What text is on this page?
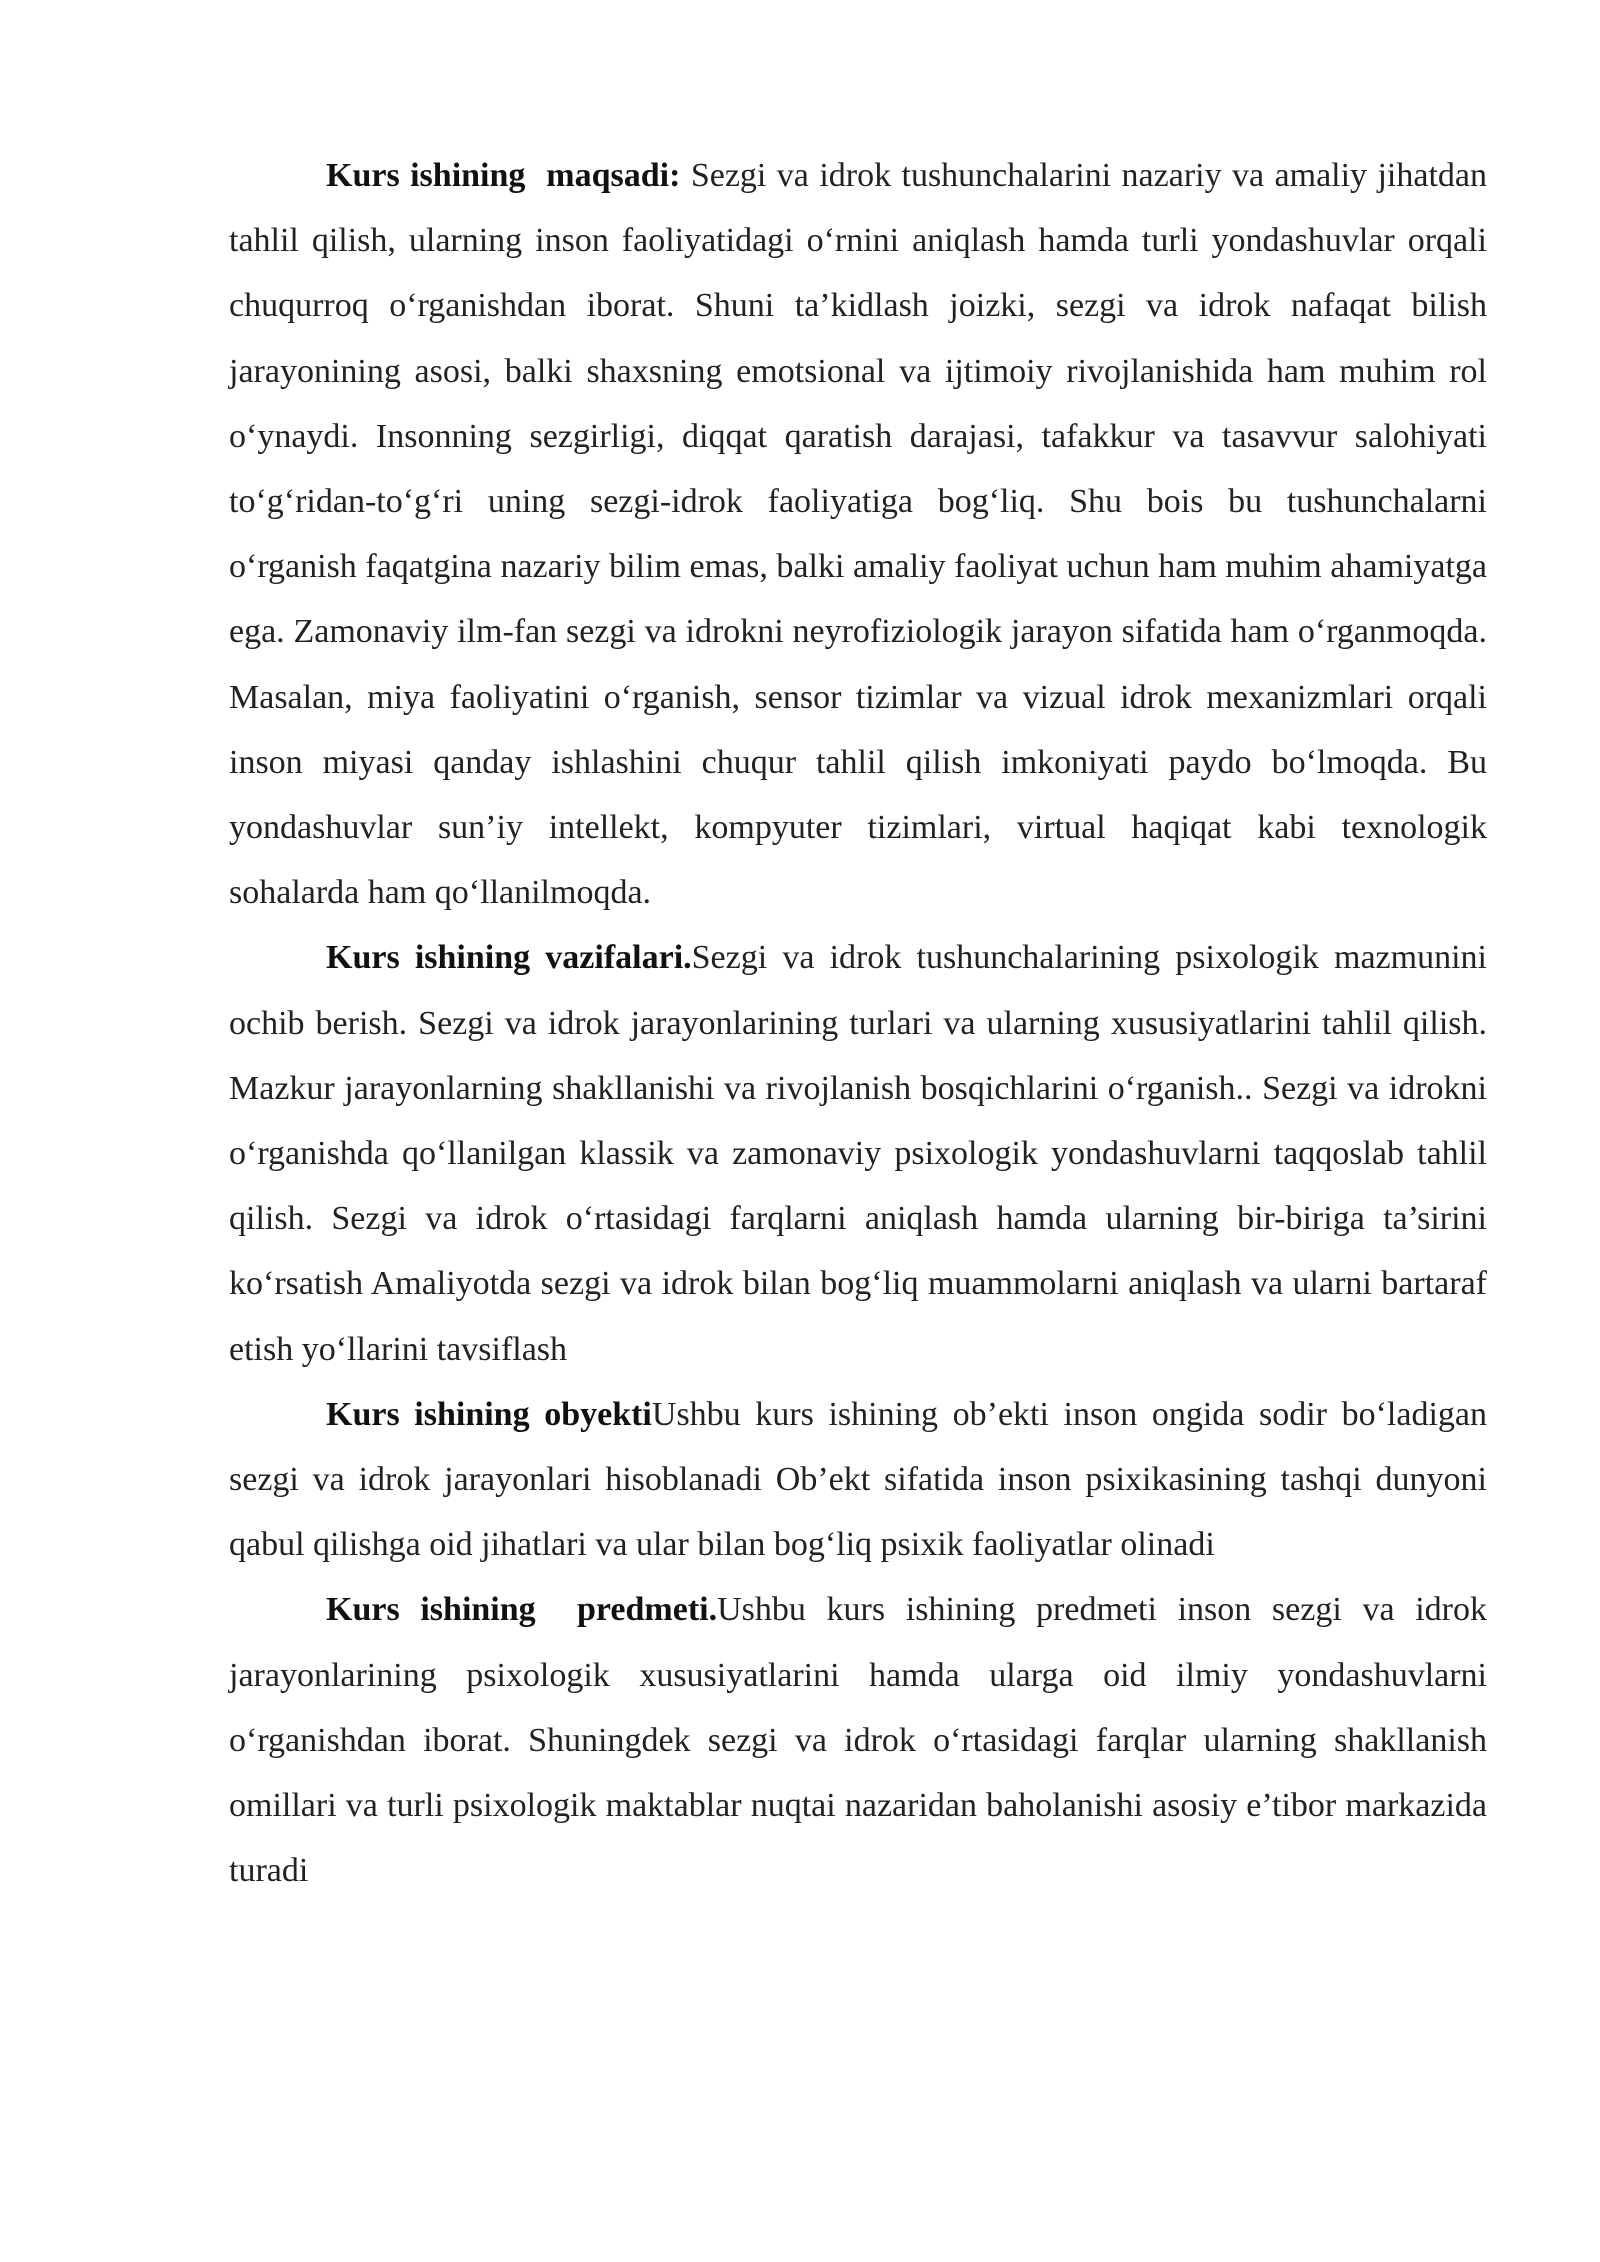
Kurs ishining  maqsadi: Sezgi va idrok tushunchalarini nazariy va amaliy jihatdan tahlil qilish, ularning inson faoliyatidagi o‘rnini aniqlash hamda turli yondashuvlar orqali chuqurroq o‘rganishdan iborat. Shuni ta’kidlash joizki, sezgi va idrok nafaqat bilish jarayonining asosi, balki shaxsning emotsional va ijtimoiy rivojlanishida ham muhim rol o‘ynaydi. Insonning sezgirligi, diqqat qaratish darajasi, tafakkur va tasavvur salohiyati to‘g‘ridan-to‘g‘ri uning sezgi-idrok faoliyatiga bog‘liq. Shu bois bu tushunchalarni o‘rganish faqatgina nazariy bilim emas, balki amaliy faoliyat uchun ham muhim ahamiyatga ega. Zamonaviy ilm-fan sezgi va idrokni neyrofiziologik jarayon sifatida ham o‘rganmoqda. Masalan, miya faoliyatini o‘rganish, sensor tizimlar va vizual idrok mexanizmlari orqali inson miyasi qanday ishlashini chuqur tahlil qilish imkoniyati paydo bo‘lmoqda. Bu yondashuvlar sun’iy intellekt, kompyuter tizimlari, virtual haqiqat kabi texnologik sohalarda ham qo‘llanilmoqda.

Kurs ishining vazifalari.Sezgi va idrok tushunchalarining psixologik mazmunini ochib berish. Sezgi va idrok jarayonlarining turlari va ularning xususiyatlarini tahlil qilish. Mazkur jarayonlarning shakllanishi va rivojlanish bosqichlarini o‘rganish.. Sezgi va idrokni o‘rganishda qo‘llanilgan klassik va zamonaviy psixologik yondashuvlarni taqqoslab tahlil qilish. Sezgi va idrok o‘rtasidagi farqlarni aniqlash hamda ularning bir-biriga ta’sirini ko‘rsatish Amaliyotda sezgi va idrok bilan bog‘liq muammolarni aniqlash va ularni bartaraf etish yo‘llarini tavsiflash

Kurs ishining obyektiUshbu kurs ishining ob’ekti inson ongida sodir bo‘ladigan sezgi va idrok jarayonlari hisoblanadi Ob’ekt sifatida inson psixikasining tashqi dunyoni qabul qilishga oid jihatlari va ular bilan bog‘liq psixik faoliyatlar olinadi

Kurs ishining  predmeti.Ushbu kurs ishining predmeti inson sezgi va idrok jarayonlarining psixologik xususiyatlarini hamda ularga oid ilmiy yondashuvlarni o‘rganishdan iborat. Shuningdek sezgi va idrok o‘rtasidagi farqlar ularning shakllanish omillari va turli psixologik maktablar nuqtai nazaridan baholanishi asosiy e’tibor markazida turadi
